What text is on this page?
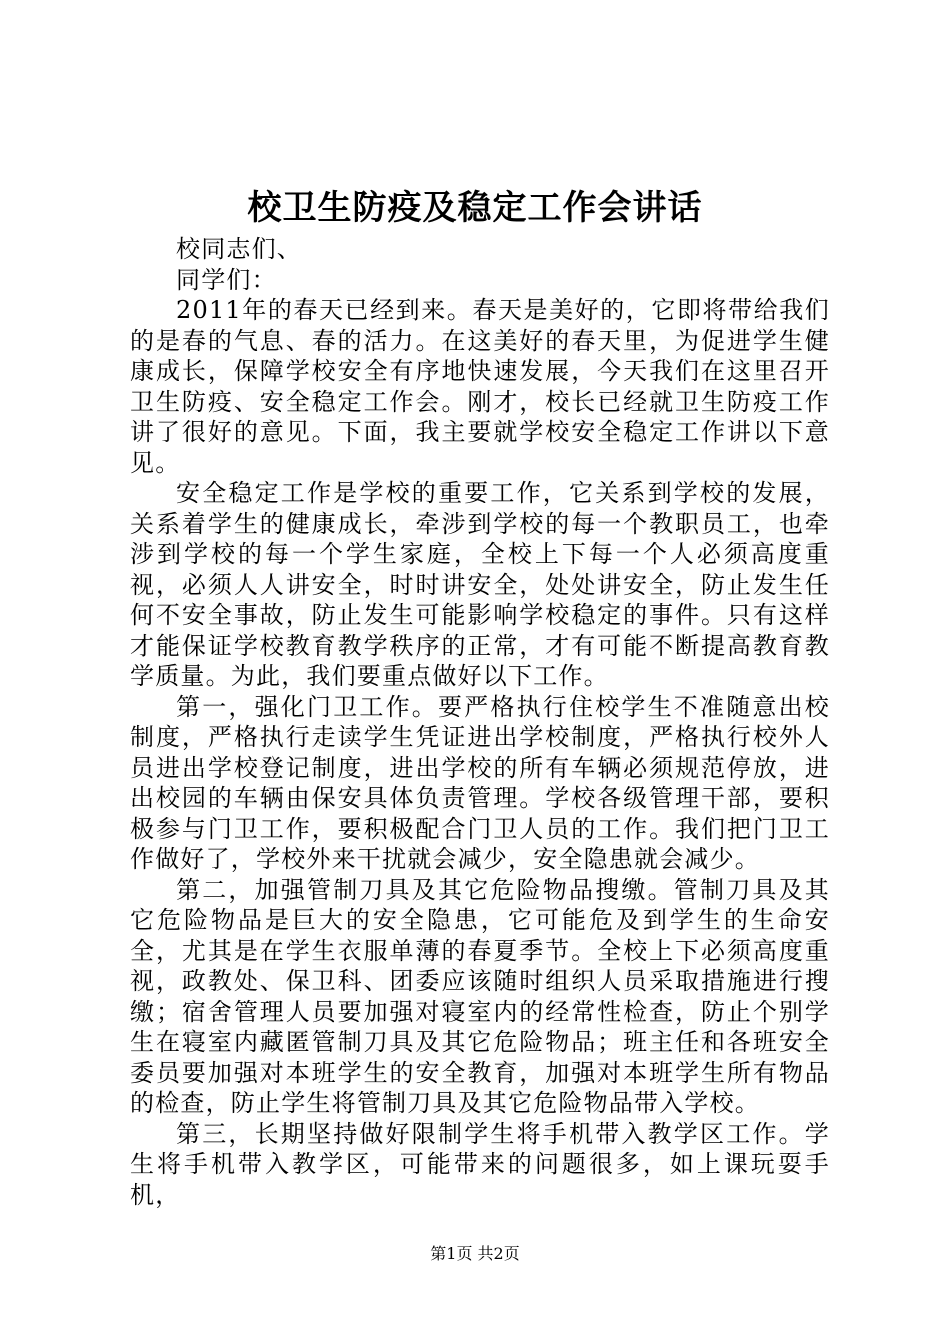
校卫生防疫及稳定工作会讲话

校同志们、

同学们：

2011年的春天已经到来。春天是美好的，它即将带给我们的是春的气息、春的活力。在这美好的春天里，为促进学生健康成长，保障学校安全有序地快速发展，今天我们在这里召开卫生防疫、安全稳定工作会。刚才，校长已经就卫生防疫工作讲了很好的意见。下面，我主要就学校安全稳定工作讲以下意见。

安全稳定工作是学校的重要工作，它关系到学校的发展，关系着学生的健康成长，牵涉到学校的每一个教职员工，也牵涉到学校的每一个学生家庭，全校上下每一个人必须高度重视，必须人人讲安全，时时讲安全，处处讲安全，防止发生任何不安全事故，防止发生可能影响学校稳定的事件。只有这样才能保证学校教育教学秩序的正常，才有可能不断提高教育教学质量。为此，我们要重点做好以下工作。

第一，强化门卫工作。要严格执行住校学生不准随意出校制度，严格执行走读学生凭证进出学校制度，严格执行校外人员进出学校登记制度，进出学校的所有车辆必须规范停放，进出校园的车辆由保安具体负责管理。学校各级管理干部，要积极参与门卫工作，要积极配合门卫人员的工作。我们把门卫工作做好了，学校外来干扰就会减少，安全隐患就会减少。

第二，加强管制刀具及其它危险物品搜缴。管制刀具及其它危险物品是巨大的安全隐患，它可能危及到学生的生命安全，尤其是在学生衣服单薄的春夏季节。全校上下必须高度重视，政教处、保卫科、团委应该随时组织人员采取措施进行搜缴；宿舍管理人员要加强对寝室内的经常性检查，防止个别学生在寝室内藏匿管制刀具及其它危险物品；班主任和各班安全委员要加强对本班学生的安全教育，加强对本班学生所有物品的检查，防止学生将管制刀具及其它危险物品带入学校。

第三，长期坚持做好限制学生将手机带入教学区工作。学生将手机带入教学区，可能带来的问题很多，如上课玩耍手机，

第1页 共2页
